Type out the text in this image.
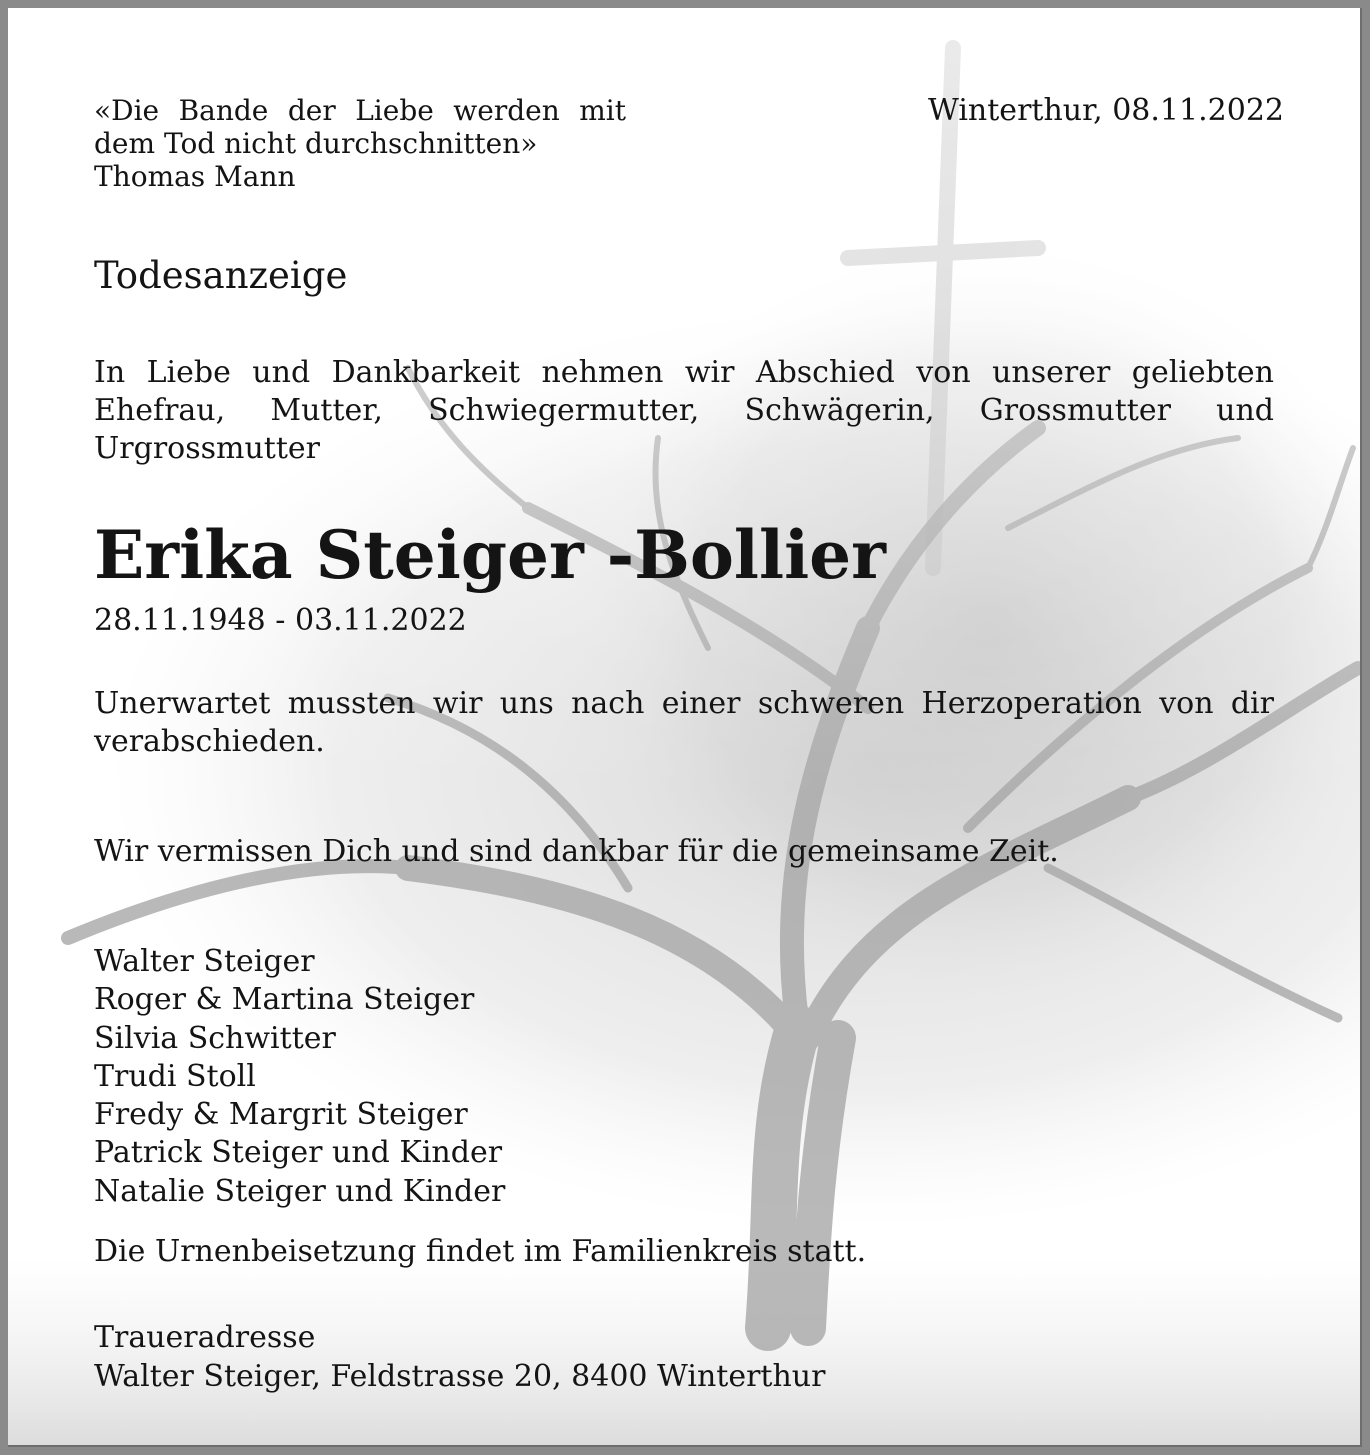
«Die Bande der Liebe werden mit
dem Tod nicht durchschnitten»
Thomas Mann

Winterthur, 08.11.2022

Todesanzeige

In Liebe und Dankbarkeit nehmen wir Abschied von unserer geliebten Ehefrau, Mutter, Schwiegermutter, Schwägerin, Grossmutter und Urgrossmutter

Erika Steiger -Bollier

28.11.1948 - 03.11.2022

Unerwartet mussten wir uns nach einer schweren Herzoperation von dir verabschieden.

Wir vermissen Dich und sind dankbar für die gemeinsame Zeit.

Walter Steiger
Roger & Martina Steiger
Silvia Schwitter
Trudi Stoll
Fredy & Margrit Steiger
Patrick Steiger und Kinder
Natalie Steiger und Kinder

Die Urnenbeisetzung findet im Familienkreis statt.

Traueradresse

Walter Steiger, Feldstrasse 20, 8400 Winterthur
